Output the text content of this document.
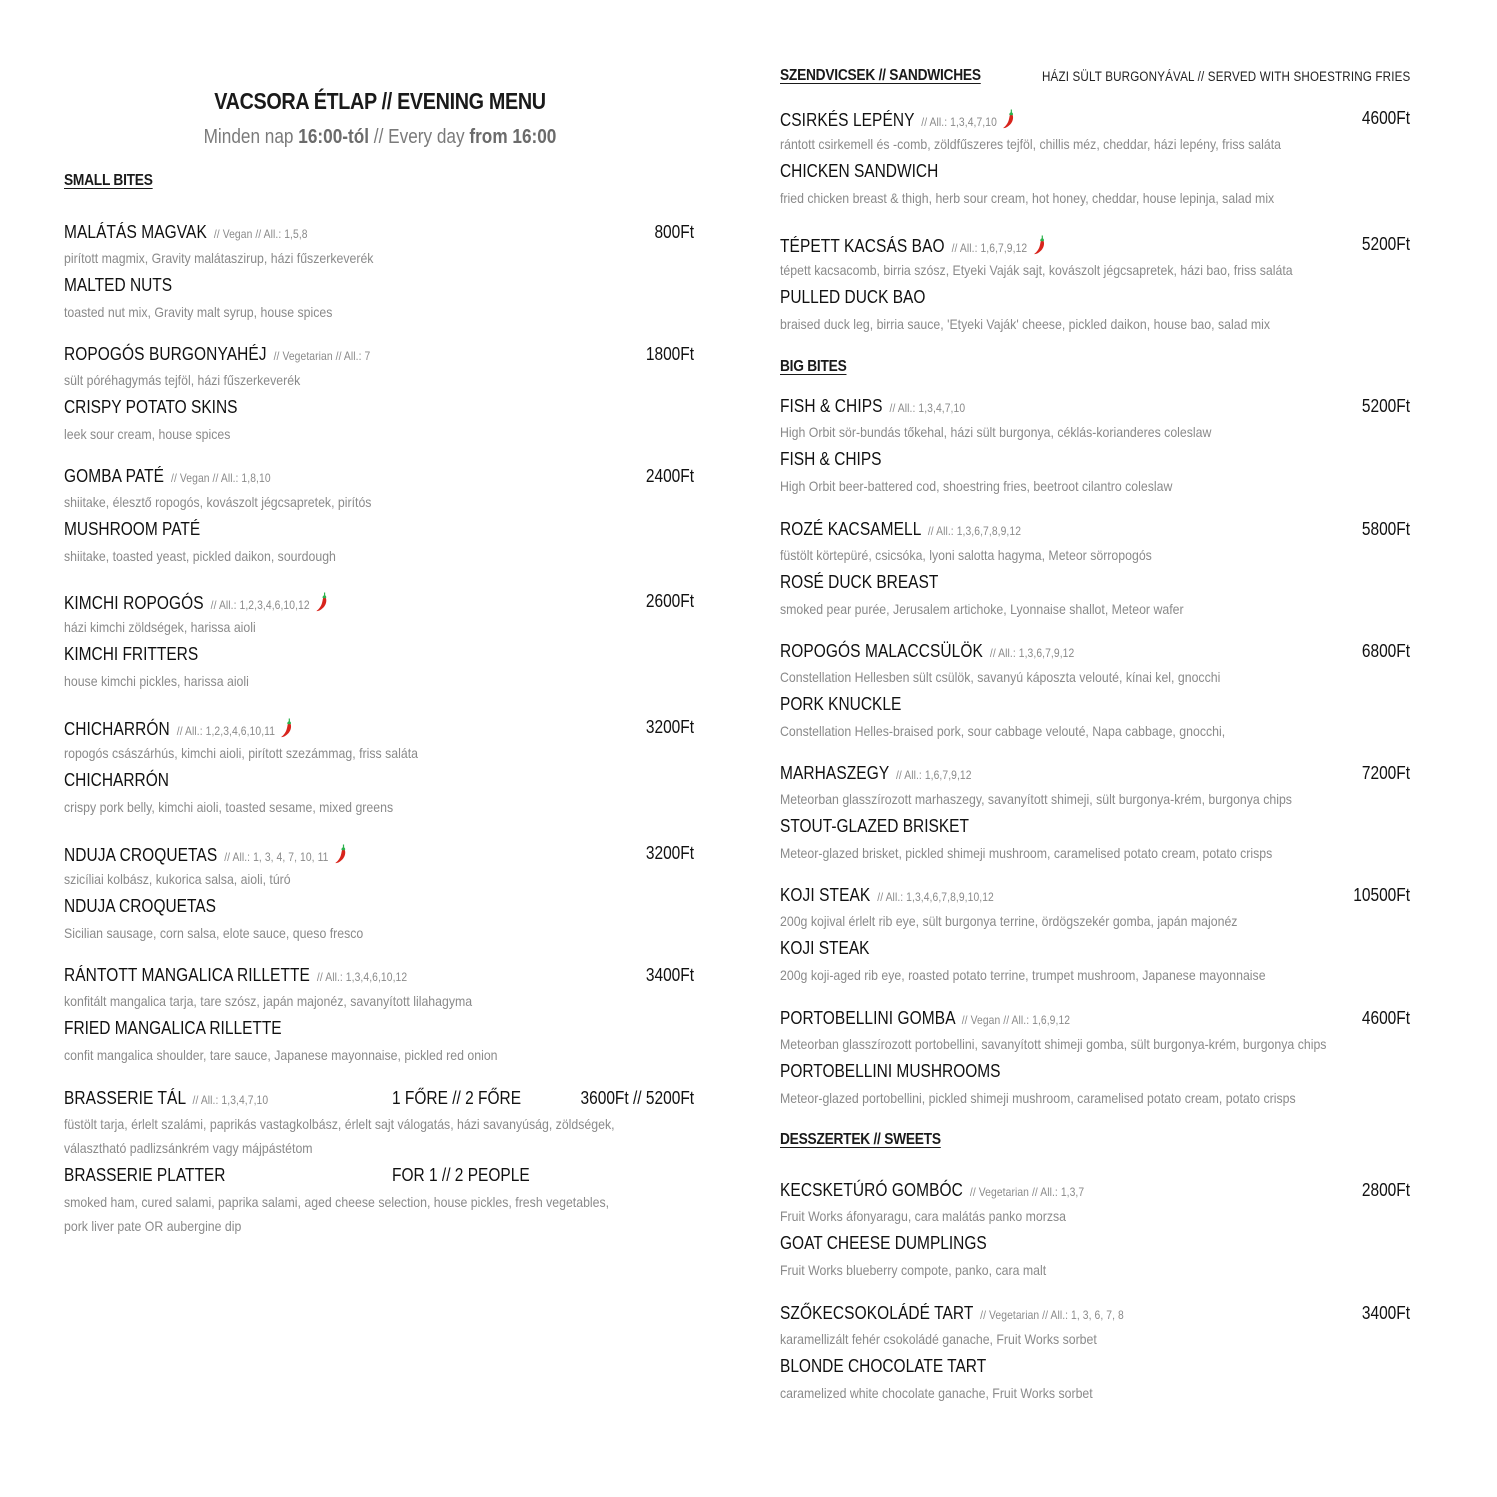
VACSORA ÉTLAP // EVENING MENU
Minden nap 16:00-tól // Every day from 16:00
SMALL BITES
MALÁTÁS MAGVAK // Vegan // All.: 1,5,8	800Ft
pirított magmix, Gravity malátaszirup, házi fűszerkeverék
MALTED NUTS
toasted nut mix, Gravity malt syrup, house spices
ROPOGÓS BURGONYAHÉJ // Vegetarian // All.: 7	1800Ft
sült póréhagymás tejföl, házi fűszerkeverék
CRISPY POTATO SKINS
leek sour cream, house spices
GOMBA PATÉ // Vegan // All.: 1,8,10	2400Ft
shiitake, élesztő ropogós, kovászolt jégcsapretek, pirítós
MUSHROOM PATÉ
shiitake, toasted yeast, pickled daikon, sourdough
KIMCHI ROPOGÓS // All.: 1,2,3,4,6,10,12	2600Ft
házi kimchi zöldségek, harissa aioli
KIMCHI FRITTERS
house kimchi pickles, harissa aioli
CHICHARRÓN // All.: 1,2,3,4,6,10,11	3200Ft
ropogós császárhús, kimchi aioli, pirított szezámmag, friss saláta
CHICHARRÓN
crispy pork belly, kimchi aioli, toasted sesame, mixed greens
NDUJA CROQUETAS // All.: 1, 3, 4, 7, 10, 11	3200Ft
szicíliai kolbász, kukorica salsa, aioli, túró
NDUJA CROQUETAS
Sicilian sausage, corn salsa, elote sauce, queso fresco
RÁNTOTT MANGALICA RILLETTE // All.: 1,3,4,6,10,12	3400Ft
konfitált mangalica tarja, tare szósz, japán majonéz, savanyított lilahagyma
FRIED MANGALICA RILLETTE
confit mangalica shoulder, tare sauce, Japanese mayonnaise, pickled red onion
BRASSERIE TÁL // All.: 1,3,4,7,10	1 FŐRE // 2 FŐRE	3600Ft // 5200Ft
füstölt tarja, érlelt szalámi, paprikás vastagkolbász, érlelt sajt válogatás, házi savanyúság, zöldségek,
választható padlizsánkrém vagy májpástétom
BRASSERIE PLATTER	FOR 1 // 2 PEOPLE
smoked ham, cured salami, paprika salami, aged cheese selection, house pickles, fresh vegetables,
pork liver pate OR aubergine dip
SZENDVICSEK // SANDWICHES	HÁZI SÜLT BURGONYÁVAL // SERVED WITH SHOESTRING FRIES
CSIRKÉS LEPÉNY // All.: 1,3,4,7,10	4600Ft
rántott csirkemell és -comb, zöldfűszeres tejföl, chillis méz, cheddar, házi lepény, friss saláta
CHICKEN SANDWICH
fried chicken breast & thigh, herb sour cream, hot honey, cheddar, house lepinja, salad mix
TÉPETT KACSÁS BAO // All.: 1,6,7,9,12	5200Ft
tépett kacsacomb, birria szósz, Etyeki Vaják sajt, kovászolt jégcsapretek, házi bao, friss saláta
PULLED DUCK BAO
braised duck leg, birria sauce, 'Etyeki Vaják' cheese, pickled daikon, house bao, salad mix
BIG BITES
FISH & CHIPS // All.: 1,3,4,7,10	5200Ft
High Orbit sör-bundás tőkehal, házi sült burgonya, céklás-korianderes coleslaw
FISH & CHIPS
High Orbit beer-battered cod, shoestring fries, beetroot cilantro coleslaw
ROZÉ KACSAMELL // All.: 1,3,6,7,8,9,12	5800Ft
füstölt körtepüré, csicsóka, lyoni salotta hagyma, Meteor sörropogós
ROSÉ DUCK BREAST
smoked pear purée, Jerusalem artichoke, Lyonnaise shallot, Meteor wafer
ROPOGÓS MALACCSÜLÖK // All.: 1,3,6,7,9,12	6800Ft
Constellation Hellesben sült csülök, savanyú káposzta velouté, kínai kel, gnocchi
PORK KNUCKLE
Constellation Helles-braised pork, sour cabbage velouté, Napa cabbage, gnocchi,
MARHASZEGY // All.: 1,6,7,9,12	7200Ft
Meteorban glasszírozott marhaszegy, savanyított shimeji, sült burgonya-krém, burgonya chips
STOUT-GLAZED BRISKET
Meteor-glazed brisket, pickled shimeji mushroom, caramelised potato cream, potato crisps
KOJI STEAK // All.: 1,3,4,6,7,8,9,10,12	10500Ft
200g kojival érlelt rib eye, sült burgonya terrine, ördögszekér gomba, japán majonéz
KOJI STEAK
200g koji-aged rib eye, roasted potato terrine, trumpet mushroom, Japanese mayonnaise
PORTOBELLINI GOMBA // Vegan // All.: 1,6,9,12	4600Ft
Meteorban glasszírozott portobellini, savanyított shimeji gomba, sült burgonya-krém, burgonya chips
PORTOBELLINI MUSHROOMS
Meteor-glazed portobellini, pickled shimeji mushroom, caramelised potato cream, potato crisps
DESSZERTEK // SWEETS
KECSKETÚRÓ GOMBÓC // Vegetarian // All.: 1,3,7	2800Ft
Fruit Works áfonyaragu, cara malátás panko morzsa
GOAT CHEESE DUMPLINGS
Fruit Works blueberry compote, panko, cara malt
SZŐKECSOKOLÁDÉ TART // Vegetarian // All.: 1, 3, 6, 7, 8	3400Ft
karamellizált fehér csokoládé ganache, Fruit Works sorbet
BLONDE CHOCOLATE TART
caramelized white chocolate ganache, Fruit Works sorbet
